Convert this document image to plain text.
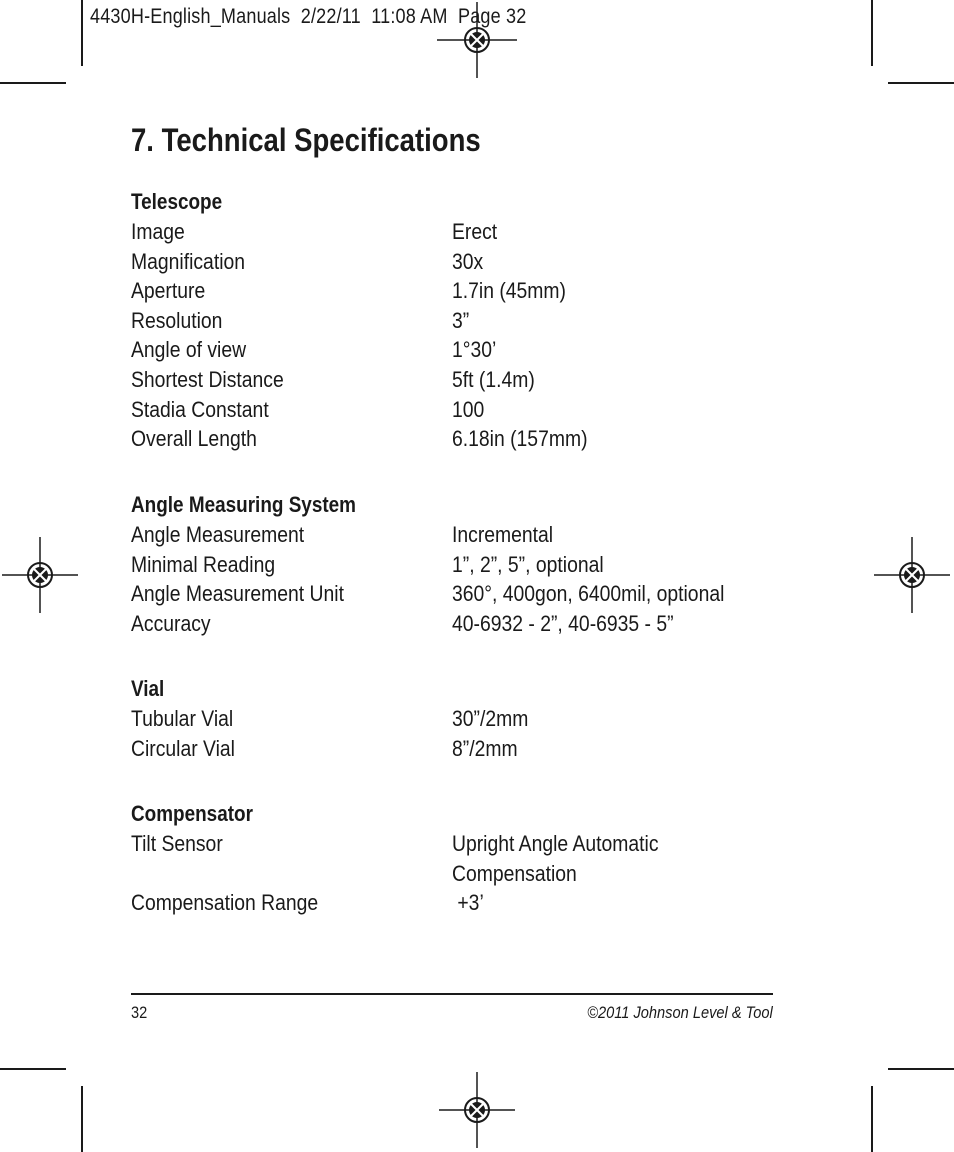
4430H-English_Manuals  2/22/11  11:08 AM  Page 32
7. Technical Specifications
Telescope
Image	Erect
Magnification	30x
Aperture	1.7in (45mm)
Resolution	3”
Angle of view	1°30’
Shortest Distance	5ft (1.4m)
Stadia Constant	100
Overall Length	6.18in (157mm)
Angle Measuring System
Angle Measurement	Incremental
Minimal Reading	1”, 2”, 5”, optional
Angle Measurement Unit	360°, 400gon, 6400mil, optional
Accuracy	40-6932 - 2”, 40-6935 - 5”
Vial
Tubular Vial	30”/2mm
Circular Vial	8”/2mm
Compensator
Tilt Sensor	Upright Angle Automatic Compensation
Compensation Range	+3’
32	©2011 Johnson Level & Tool
